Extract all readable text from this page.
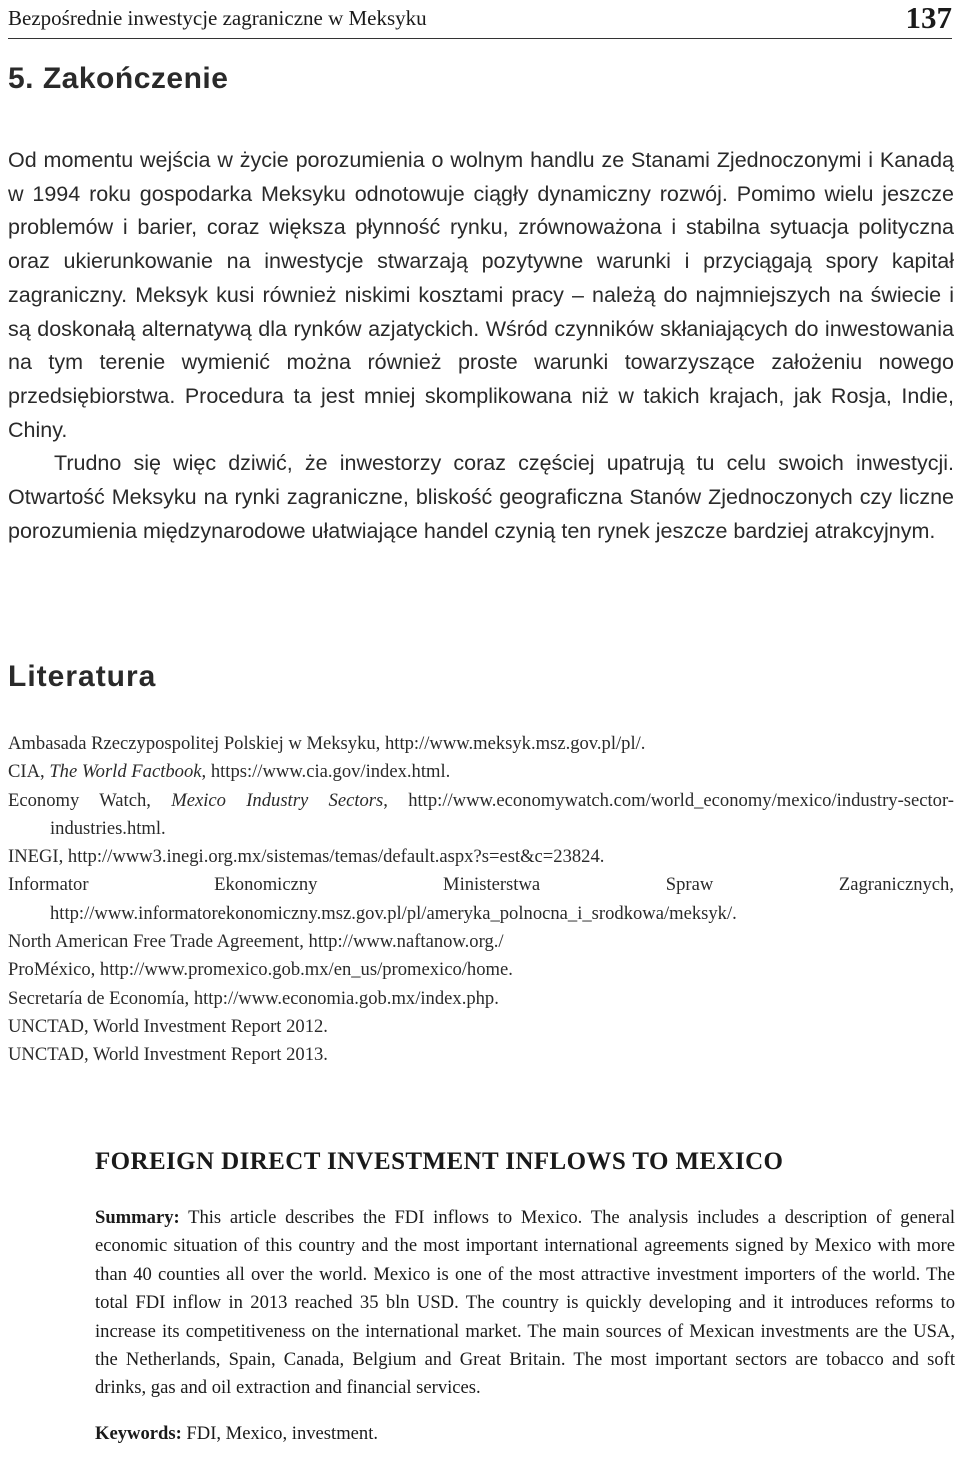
Bezpośrednie inwestycje zagraniczne w Meksyku	137
5. Zakończenie

Od momentu wejścia w życie porozumienia o wolnym handlu ze Stanami Zjednoczonymi i Kanadą w 1994 roku gospodarka Meksyku odnotowuje ciągły dynamiczny rozwój. Pomimo wielu jeszcze problemów i barier, coraz większa płynność rynku, zrównoważona i stabilna sytuacja polityczna oraz ukierunkowanie na inwestycje stwarzają pozytywne warunki i przyciągają spory kapitał zagraniczny. Meksyk kusi również niskimi kosztami pracy – należą do najmniejszych na świecie i są doskonałą alternatywą dla rynków azjatyckich. Wśród czynników skłaniających do inwestowania na tym terenie wymienić można również proste warunki towarzyszące założeniu nowego przedsiębiorstwa. Procedura ta jest mniej skomplikowana niż w takich krajach, jak Rosja, Indie, Chiny.

Trudno się więc dziwić, że inwestorzy coraz częściej upatrują tu celu swoich inwestycji. Otwartość Meksyku na rynki zagraniczne, bliskość geograficzna Stanów Zjednoczonych czy liczne porozumienia międzynarodowe ułatwiające handel czynią ten rynek jeszcze bardziej atrakcyjnym.

Literatura
Ambasada Rzeczypospolitej Polskiej w Meksyku, http://www.meksyk.msz.gov.pl/pl/.
CIA, The World Factbook, https://www.cia.gov/index.html.
Economy Watch, Mexico Industry Sectors, http://www.economywatch.com/world_economy/mexico/industry-sector-industries.html.
INEGI, http://www3.inegi.org.mx/sistemas/temas/default.aspx?s=est&c=23824.
Informator Ekonomiczny Ministerstwa Spraw Zagranicznych, http://www.informatorekonomiczny.msz.gov.pl/pl/ameryka_polnocna_i_srodkowa/meksyk/.
North American Free Trade Agreement, http://www.naftanow.org./
ProMéxico, http://www.promexico.gob.mx/en_us/promexico/home.
Secretaría de Economía, http://www.economia.gob.mx/index.php.
UNCTAD, World Investment Report 2012.
UNCTAD, World Investment Report 2013.
FOREIGN DIRECT INVESTMENT INFLOWS TO MEXICO
Summary: This article describes the FDI inflows to Mexico. The analysis includes a description of general economic situation of this country and the most important international agreements signed by Mexico with more than 40 counties all over the world. Mexico is one of the most attractive investment importers of the world. The total FDI inflow in 2013 reached 35 bln USD. The country is quickly developing and it introduces reforms to increase its competitiveness on the international market. The main sources of Mexican investments are the USA, the Netherlands, Spain, Canada, Belgium and Great Britain. The most important sectors are tobacco and soft drinks, gas and oil extraction and financial services.
Keywords: FDI, Mexico, investment.
